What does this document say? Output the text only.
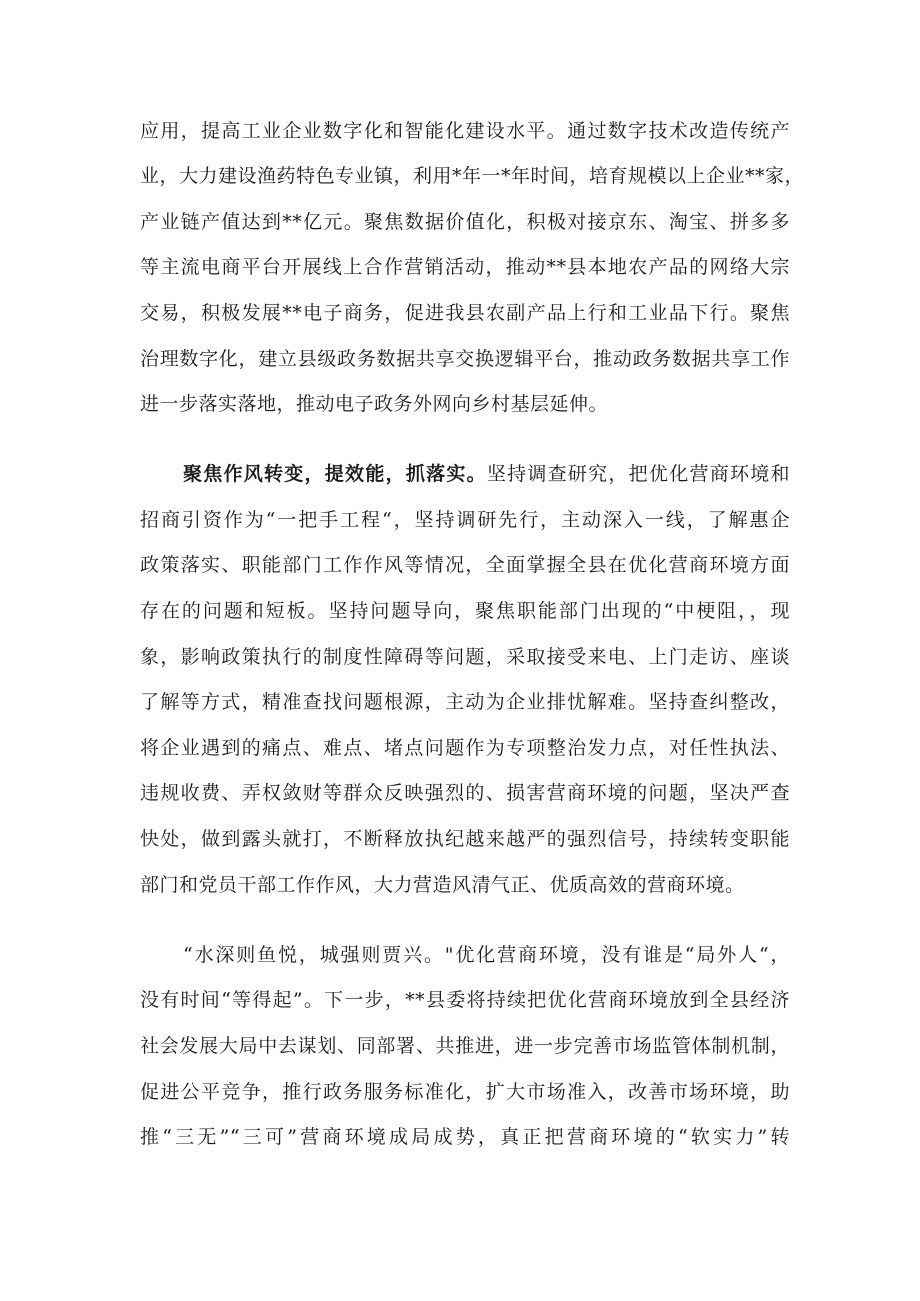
应用，提高工业企业数字化和智能化建设水平。通过数字技术改造传统产
业，大力建设渔药特色专业镇，利用*年一*年时间，培育规模以上企业**家，
产业链产值达到**亿元。聚焦数据价值化，积极对接京东、淘宝、拼多多
等主流电商平台开展线上合作营销活动，推动**县本地农产品的网络大宗
交易，积极发展**电子商务，促进我县农副产品上行和工业品下行。聚焦
治理数字化，建立县级政务数据共享交换逻辑平台，推动政务数据共享工作
进一步落实落地，推动电子政务外网向乡村基层延伸。
聚焦作风转变，提效能，抓落实。坚持调查研究，把优化营商环境和
招商引资作为“一把手工程“，坚持调研先行，主动深入一线，了解惠企
政策落实、职能部门工作作风等情况，全面掌握全县在优化营商环境方面
存在的问题和短板。坚持问题导向，聚焦职能部门出现的“中梗阻，，现
象，影响政策执行的制度性障碍等问题，采取接受来电、上门走访、座谈
了解等方式，精准查找问题根源，主动为企业排忧解难。坚持查纠整改，
将企业遇到的痛点、难点、堵点问题作为专项整治发力点，对任性执法、
违规收费、弄权敛财等群众反映强烈的、损害营商环境的问题，坚决严查
快处，做到露头就打，不断释放执纪越来越严的强烈信号，持续转变职能
部门和党员干部工作作风，大力营造风清气正、优质高效的营商环境。
“水深则鱼悦，城强则贾兴。"优化营商环境，没有谁是“局外人“，
没有时间“等得起”。下一步，**县委将持续把优化营商环境放到全县经济
社会发展大局中去谋划、同部署、共推进，进一步完善市场监管体制机制，
促进公平竞争，推行政务服务标准化，扩大市场准入，改善市场环境，助
推“三无”“三可”营商环境成局成势，真正把营商环境的“软实力”转
